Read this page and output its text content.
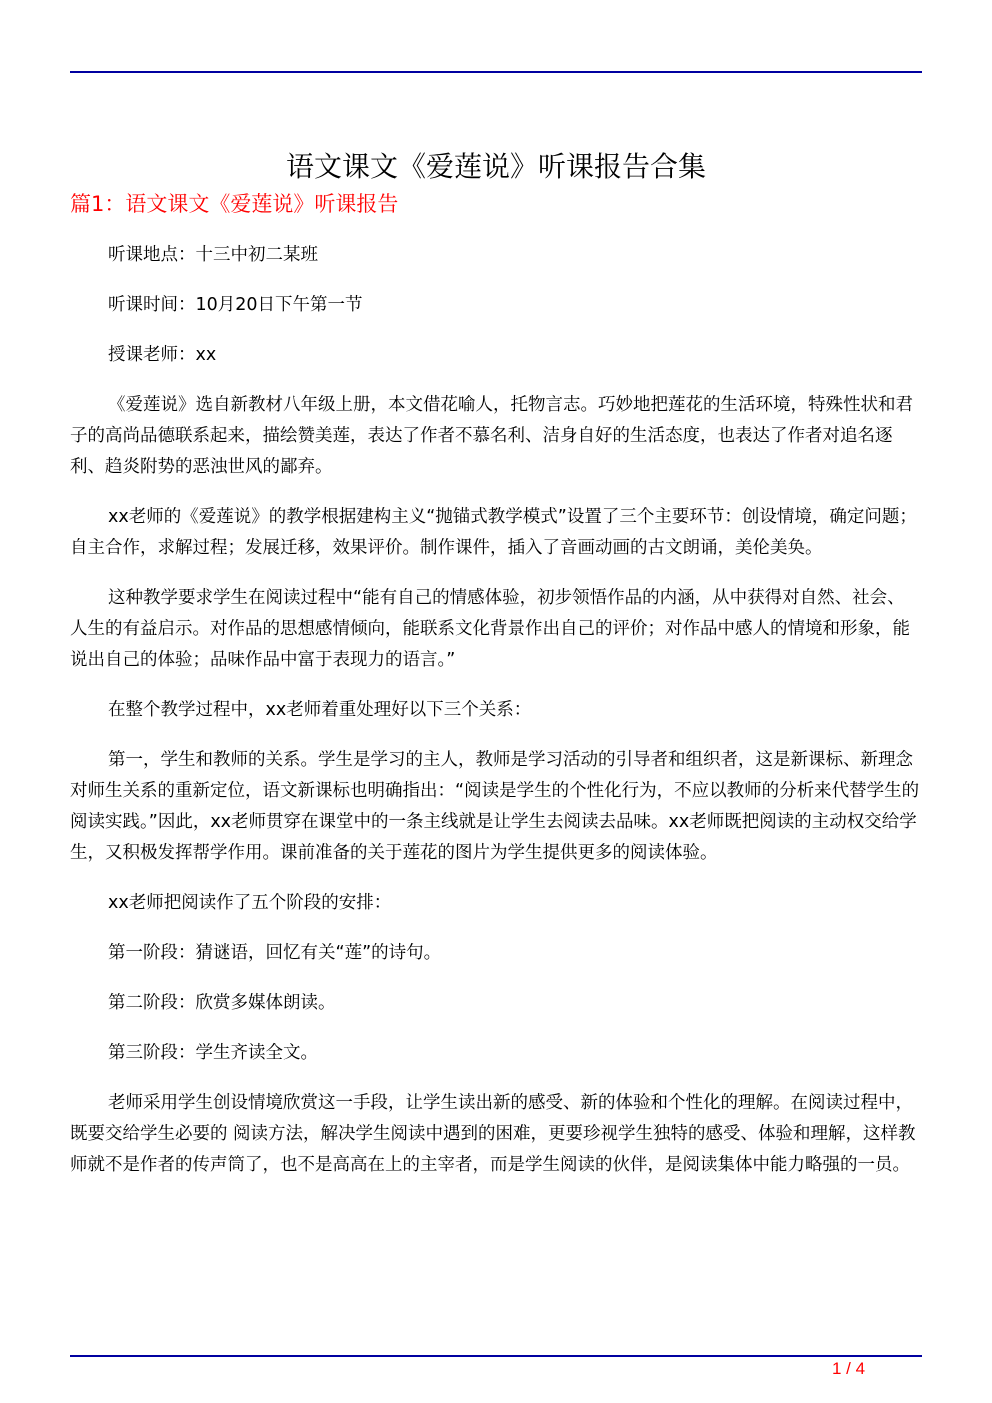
语文课文《爱莲说》听课报告合集
篇1：语文课文《爱莲说》听课报告

听课地点：十三中初二某班

听课时间：10月20日下午第一节

授课老师：xx

《爱莲说》选自新教材八年级上册，本文借花喻人，托物言志。巧妙地把莲花的生活环境，特殊性状和君子的高尚品德联系起来，描绘赞美莲，表达了作者不慕名利、洁身自好的生活态度，也表达了作者对追名逐利、趋炎附势的恶浊世风的鄙弃。

xx老师的《爱莲说》的教学根据建构主义“抛锚式教学模式”设置了三个主要环节：创设情境，确定问题；自主合作，求解过程；发展迁移，效果评价。制作课件，插入了音画动画的古文朗诵，美伦美奂。

这种教学要求学生在阅读过程中“能有自己的情感体验，初步领悟作品的内涵，从中获得对自然、社会、人生的有益启示。对作品的思想感情倾向，能联系文化背景作出自己的评价；对作品中感人的情境和形象，能说出自己的体验；品味作品中富于表现力的语言。”

在整个教学过程中，xx老师着重处理好以下三个关系：

第一，学生和教师的关系。学生是学习的主人，教师是学习活动的引导者和组织者，这是新课标、新理念对师生关系的重新定位，语文新课标也明确指出：“阅读是学生的个性化行为，不应以教师的分析来代替学生的阅读实践。”因此，xx老师贯穿在课堂中的一条主线就是让学生去阅读去品味。xx老师既把阅读的主动权交给学生，又积极发挥帮学作用。课前准备的关于莲花的图片为学生提供更多的阅读体验。

xx老师把阅读作了五个阶段的安排：

第一阶段：猜谜语，回忆有关“莲”的诗句。

第二阶段：欣赏多媒体朗读。

第三阶段：学生齐读全文。

老师采用学生创设情境欣赏这一手段，让学生读出新的感受、新的体验和个性化的理解。在阅读过程中，既要交给学生必要的 阅读方法，解决学生阅读中遇到的困难，更要珍视学生独特的感受、体验和理解，这样教师就不是作者的传声筒了，也不是高高在上的主宰者，而是学生阅读的伙伴，是阅读集体中能力略强的一员。

1 / 4
